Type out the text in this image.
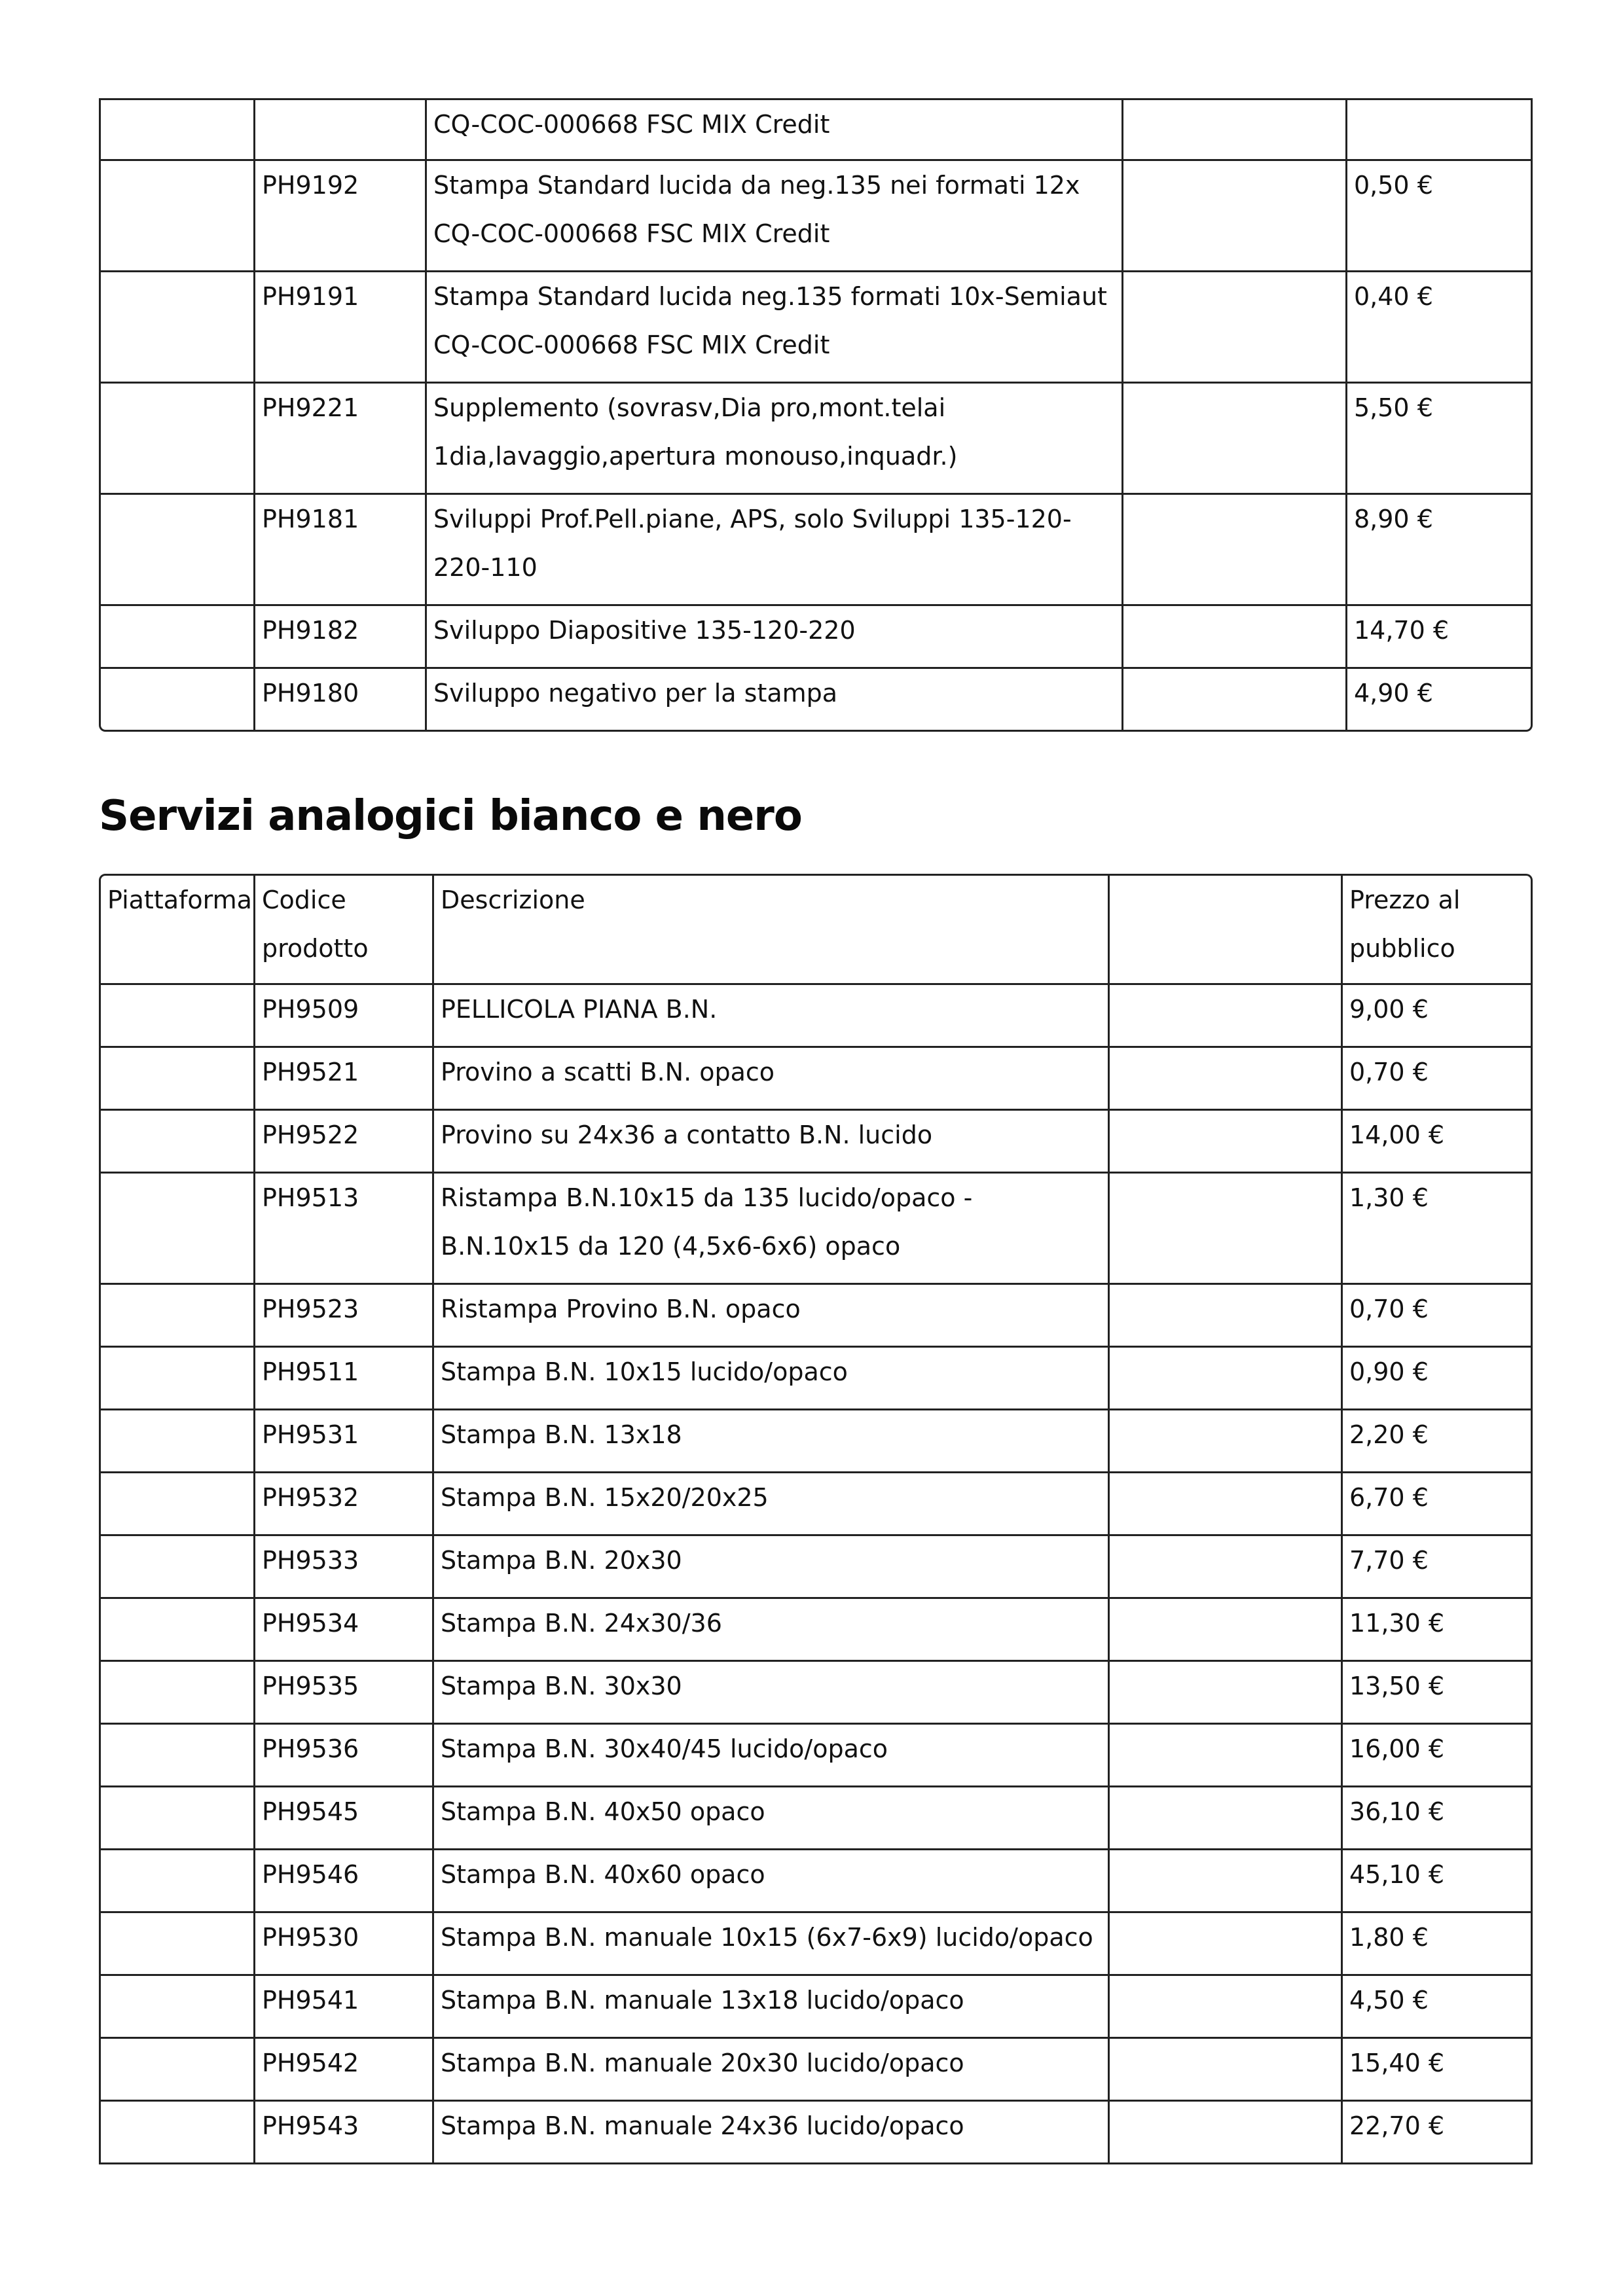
		CQ-COC-000668 FSC MIX Credit		

	PH9192	Stampa Standard lucida da neg.135 nei formati 12x CQ-COC-000668 FSC MIX Credit		0,50 €

	PH9191	Stampa Standard lucida neg.135 formati 10x-Semiaut CQ-COC-000668 FSC MIX Credit		0,40 €

	PH9221	Supplemento (sovrasv,Dia pro,mont.telai 1dia,lavaggio,apertura monouso,inquadr.)		5,50 €

	PH9181	Sviluppi Prof.Pell.piane, APS, solo Sviluppi 135-120-220-110		8,90 €

	PH9182	Sviluppo Diapositive 135-120-220		14,70 €

	PH9180	Sviluppo negativo per la stampa		4,90 €
Servizi analogici bianco e nero
Piattaforma	Codice prodotto	Descrizione		Prezzo al pubblico

	PH9509	PELLICOLA PIANA B.N.		9,00 €

	PH9521	Provino a scatti B.N. opaco		0,70 €

	PH9522	Provino su 24x36 a contatto B.N. lucido		14,00 €

	PH9513	Ristampa B.N.10x15 da 135 lucido/opaco - B.N.10x15 da 120 (4,5x6-6x6) opaco		1,30 €

	PH9523	Ristampa Provino B.N. opaco		0,70 €

	PH9511	Stampa B.N. 10x15 lucido/opaco		0,90 €

	PH9531	Stampa B.N. 13x18		2,20 €

	PH9532	Stampa B.N. 15x20/20x25		6,70 €

	PH9533	Stampa B.N. 20x30		7,70 €

	PH9534	Stampa B.N. 24x30/36		11,30 €

	PH9535	Stampa B.N. 30x30		13,50 €

	PH9536	Stampa B.N. 30x40/45 lucido/opaco		16,00 €

	PH9545	Stampa B.N. 40x50 opaco		36,10 €

	PH9546	Stampa B.N. 40x60 opaco		45,10 €

	PH9530	Stampa B.N. manuale 10x15 (6x7-6x9) lucido/opaco		1,80 €

	PH9541	Stampa B.N. manuale 13x18 lucido/opaco		4,50 €

	PH9542	Stampa B.N. manuale 20x30 lucido/opaco		15,40 €

	PH9543	Stampa B.N. manuale 24x36 lucido/opaco		22,70 €
